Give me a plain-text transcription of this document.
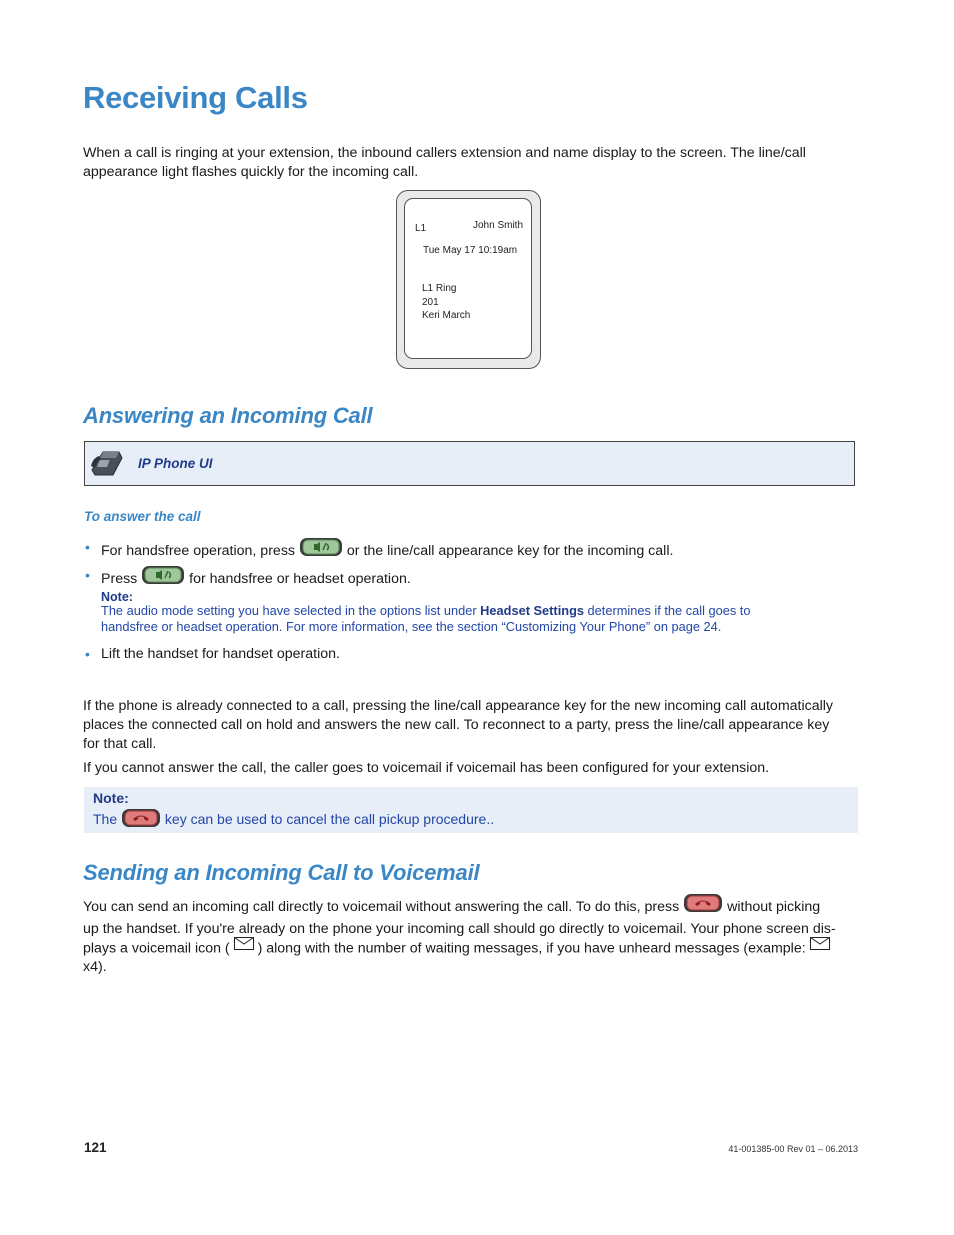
Receiving Calls
When a call is ringing at your extension, the inbound callers extension and name display to the screen. The line/call appearance light flashes quickly for the incoming call.
L1	John Smith
Tue May 17 10:19am
L1 Ring
201
Keri March
Answering an Incoming Call
IP Phone UI
To answer the call
• For handsfree operation, press	or the line/call appearance key for the incoming call.
• Press	for handsfree or headset operation.
Note:
The audio mode setting you have selected in the options list under Headset Settings determines if the call goes to
handsfree or headset operation. For more information, see the section “Customizing Your Phone” on page 24.
• Lift the handset for handset operation.
If the phone is already connected to a call, pressing the line/call appearance key for the new incoming call automatically
places the connected call on hold and answers the new call. To reconnect to a party, press the line/call appearance key
for that call.
If you cannot answer the call, the caller goes to voicemail if voicemail has been configured for your extension.
Note:
The	key can be used to cancel the call pickup procedure..
Sending an Incoming Call to Voicemail
You can send an incoming call directly to voicemail without answering the call. To do this, press	without picking
up the handset. If you're already on the phone your incoming call should go directly to voicemail. Your phone screen dis-
plays a voicemail icon ( ) along with the number of waiting messages, if you have unheard messages (example:
x4).
121	41-001385-00 Rev 01 – 06.2013
